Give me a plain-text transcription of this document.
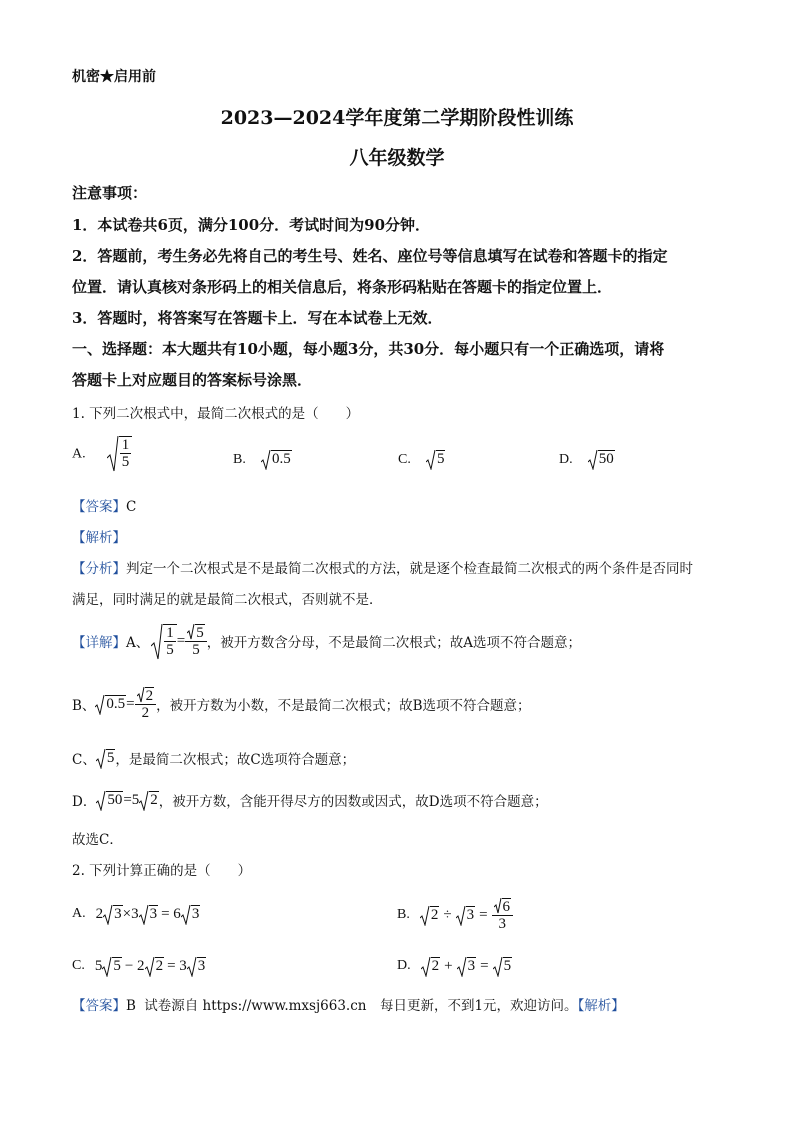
机密★启用前
2023—2024学年度第二学期阶段性训练
八年级数学
注意事项：
1．本试卷共6页，满分100分．考试时间为90分钟．
2．答题前，考生务必先将自己的考生号、姓名、座位号等信息填写在试卷和答题卡的指定
位置．请认真核对条形码上的相关信息后，将条形码粘贴在答题卡的指定位置上．
3．答题时，将答案写在答题卡上．写在本试卷上无效．
一、选择题：本大题共有10小题，每小题3分，共30分．每小题只有一个正确选项，请将
答题卡上对应题目的答案标号涂黑．
1. 下列二次根式中，最简二次根式的是（　　）
A. $\frac{1}{5}$	B. 0.5	C. 5	D. 50
【答案】C
【解析】
【分析】判定一个二次根式是不是最简二次根式的方法，就是逐个检查最简二次根式的两个条件是否同时
满足，同时满足的就是最简二次根式，否则就不是．
【详解】 A、 $\frac{1}{5} = \frac{5}{5}$ ，被开方数含分母，不是最简二次根式；故A选项不符合题意；
B、 $0.5 = \frac{2}{2}$ ，被开方数为小数，不是最简二次根式；故B选项不符合题意；
C、 5 ，是最简二次根式；故C选项符合题意；
D． 50 =5 2 ，被开方数，含能开得尽方的因数或因式，故D选项不符合题意；
故选C．
2. 下列计算正确的是（　　）
A. 2 3 ×3 3 = 6 3	B.	2 ÷	$3 = \frac{6}{3}$
C. 5 5 − 2 2 = 3 3	D.	2 +	3 =	5
【答案】B 试卷源自 https://www.mxsj663.cn　每日更新，不到1元，欢迎访问。【解析】
